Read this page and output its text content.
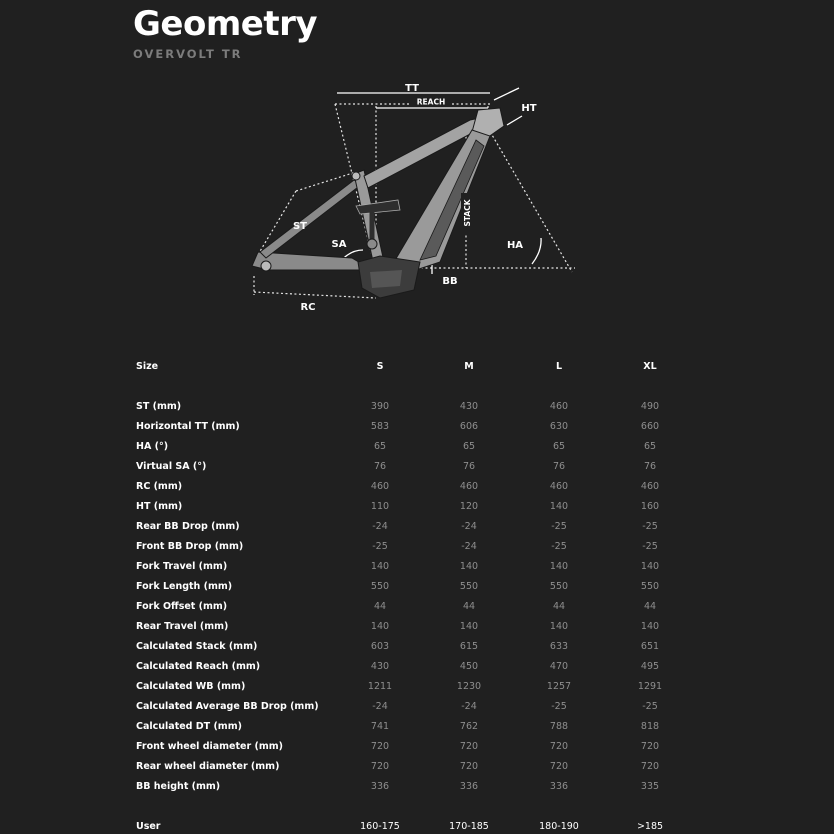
Geometry
OVERVOLT TR
TT
REACH
HT
ST
SA
STACK
HA
BB
RC
Size	S	M	L	XL

ST (mm)	390	430	460	490
Horizontal TT (mm)	583	606	630	660
HA (°)	65	65	65	65
Virtual SA (°)	76	76	76	76
RC (mm)	460	460	460	460
HT (mm)	110	120	140	160
Rear BB Drop (mm)	-24	-24	-25	-25
Front BB Drop (mm)	-25	-24	-25	-25
Fork Travel (mm)	140	140	140	140
Fork Length (mm)	550	550	550	550
Fork Offset (mm)	44	44	44	44
Rear Travel (mm)	140	140	140	140
Calculated Stack (mm)	603	615	633	651
Calculated Reach (mm)	430	450	470	495
Calculated WB (mm)	1211	1230	1257	1291
Calculated Average BB Drop (mm)	-24	-24	-25	-25
Calculated DT (mm)	741	762	788	818
Front wheel diameter (mm)	720	720	720	720
Rear wheel diameter (mm)	720	720	720	720
BB height (mm)	336	336	336	335

User	160-175	170-185	180-190	>185
